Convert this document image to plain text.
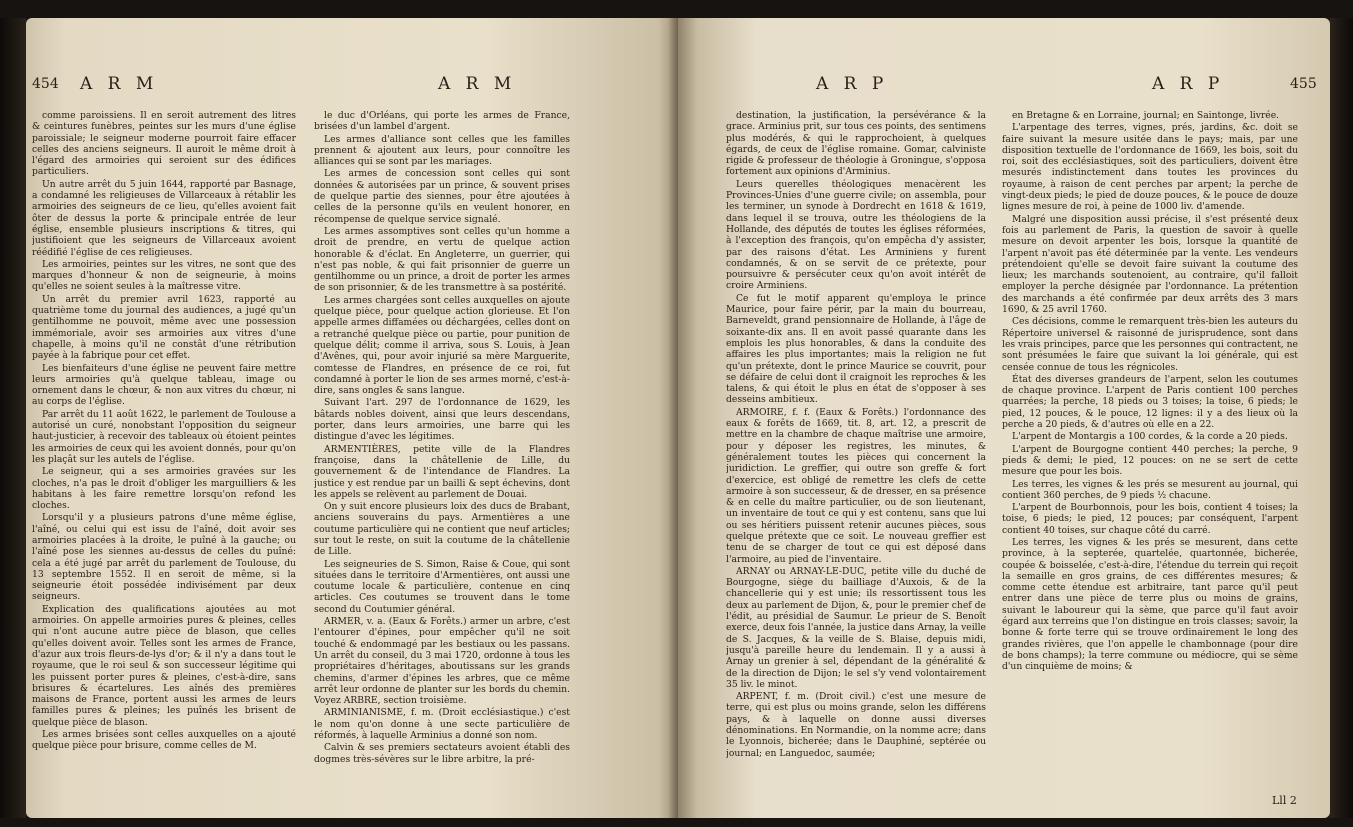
454 A R M	A R M

comme paroissiens. Il en seroit autrement des litres & ceintures funèbres, peintes sur les murs d'une église paroissiale; le seigneur moderne pourroit faire effacer celles des anciens seigneurs. Il auroit le même droit à l'égard des armoiries qui seroient sur des édifices particuliers.

Un autre arrêt du 5 juin 1644, rapporté par Basnage, a condamné les religieuses de Villarceaux à rétablir les armoiries des seigneurs de ce lieu, qu'elles avoient fait ôter de dessus la porte & principale entrée de leur église, ensemble plusieurs inscriptions & titres, qui justifioient que les seigneurs de Villarceaux avoient réédifié l'église de ces religieuses.

Les armoiries, peintes sur les vitres, ne sont que des marques d'honneur & non de seigneurie, à moins qu'elles ne soient seules à la maîtresse vitre.

Un arrêt du premier avril 1623, rapporté au quatrième tome du journal des audiences, a jugé qu'un gentilhomme ne pouvoit, même avec une possession immémoriale, avoir ses armoiries aux vitres d'une chapelle, à moins qu'il ne constât d'une rétribution payée à la fabrique pour cet effet.

Les bienfaiteurs d'une église ne peuvent faire mettre leurs armoiries qu'à quelque tableau, image ou ornement dans le chœur, & non aux vitres du chœur, ni au corps de l'église.

Par arrêt du 11 août 1622, le parlement de Toulouse a autorisé un curé, nonobstant l'opposition du seigneur haut-justicier, à recevoir des tableaux où étoient peintes les armoiries de ceux qui les avoient donnés, pour qu'on les plaçât sur les autels de l'église.

Le seigneur, qui a ses armoiries gravées sur les cloches, n'a pas le droit d'obliger les marguilliers & les habitans à les faire remettre lorsqu'on refond les cloches.

Lorsqu'il y a plusieurs patrons d'une même église, l'aîné, ou celui qui est issu de l'aîné, doit avoir ses armoiries placées à la droite, le puîné à la gauche; ou l'aîné pose les siennes au-dessus de celles du puîné: cela a été jugé par arrêt du parlement de Toulouse, du 13 septembre 1552. Il en seroit de même, si la seigneurie étoit possédée indivisément par deux seigneurs.

Explication des qualifications ajoutées au mot armoiries. On appelle armoiries pures & pleines, celles qui n'ont aucune autre pièce de blason, que celles qu'elles doivent avoir. Telles sont les armes de France, d'azur aux trois fleurs-de-lys d'or; & il n'y a dans tout le royaume, que le roi seul & son successeur légitime qui les puissent porter pures & pleines, c'est-à-dire, sans brisures & écartelures. Les aînés des premières maisons de France, portent aussi les armes de leurs familles pures & pleines; les puînés les brisent de quelque pièce de blason.

Les armes brisées sont celles auxquelles on a ajouté quelque pièce pour brisure, comme celles de M.

le duc d'Orléans, qui porte les armes de France, brisées d'un lambel d'argent.

Les armes d'alliance sont celles que les familles prennent & ajoutent aux leurs, pour connoître les alliances qui se sont par les mariages.

Les armes de concession sont celles qui sont données & autorisées par un prince, & souvent prises de quelque partie des siennes, pour être ajoutées à celles de la personne qu'ils en veulent honorer, en récompense de quelque service signalé.

Les armes assomptives sont celles qu'un homme a droit de prendre, en vertu de quelque action honorable & d'éclat. En Angleterre, un guerrier, qui n'est pas noble, & qui fait prisonnier de guerre un gentilhomme ou un prince, a droit de porter les armes de son prisonnier, & de les transmettre à sa postérité.

Les armes chargées sont celles auxquelles on ajoute quelque pièce, pour quelque action glorieuse. Et l'on appelle armes diffamées ou déchargées, celles dont on a retranché quelque pièce ou partie, pour punition de quelque délit; comme il arriva, sous S. Louis, à Jean d'Avênes, qui, pour avoir injurié sa mère Marguerite, comtesse de Flandres, en présence de ce roi, fut condamné à porter le lion de ses armes morné, c'est-à-dire, sans ongles & sans langue.

Suivant l'art. 297 de l'ordonnance de 1629, les bâtards nobles doivent, ainsi que leurs descendans, porter, dans leurs armoiries, une barre qui les distingue d'avec les légitimes.

ARMENTIÈRES, petite ville de la Flandres françoise, dans la châtellenie de Lille, du gouvernement & de l'intendance de Flandres. La justice y est rendue par un bailli & sept échevins, dont les appels se relèvent au parlement de Douai.

On y suit encore plusieurs loix des ducs de Brabant, anciens souverains du pays. Armentières a une coutume particulière qui ne contient que neuf articles; sur tout le reste, on suit la coutume de la châtellenie de Lille.

Les seigneuries de S. Simon, Raise & Coue, qui sont situées dans le territoire d'Armentières, ont aussi une coutume locale & particulière, contenue en cinq articles. Ces coutumes se trouvent dans le tome second du Coutumier général.

ARMER, v. a. (Eaux & Forêts.) armer un arbre, c'est l'entourer d'épines, pour empêcher qu'il ne soit touché & endommagé par les bestiaux ou les passans. Un arrêt du conseil, du 3 mai 1720, ordonne à tous les propriétaires d'héritages, aboutissans sur les grands chemins, d'armer d'épines les arbres, que ce même arrêt leur ordonne de planter sur les bords du chemin. Voyez ARBRE, section troisième.

ARMINIANISME, f. m. (Droit ecclésiastique.) c'est le nom qu'on donne à une secte particulière de réformés, à laquelle Arminius a donné son nom.

Calvin & ses premiers sectateurs avoient établi des dogmes très-sévères sur le libre arbitre, la pré-

A R P	A R P	455

destination, la justification, la persévérance & la grace. Arminius prit, sur tous ces points, des sentimens plus modérés, & qui le rapprochoient, à quelques égards, de ceux de l'église romaine. Gomar, calviniste rigide & professeur de théologie à Groningue, s'opposa fortement aux opinions d'Arminius.

Leurs querelles théologiques menacèrent les Provinces-Unies d'une guerre civile; on assembla, pour les terminer, un synode à Dordrecht en 1618 & 1619, dans lequel il se trouva, outre les théologiens de la Hollande, des députés de toutes les églises réformées, à l'exception des françois, qu'on empêcha d'y assister, par des raisons d'état. Les Arminiens y furent condamnés, & on se servit de ce prétexte, pour poursuivre & persécuter ceux qu'on avoit intérêt de croire Arminiens.

Ce fut le motif apparent qu'employa le prince Maurice, pour faire périr, par la main du bourreau, Barneveldt, grand pensionnaire de Hollande, à l'âge de soixante-dix ans. Il en avoit passé quarante dans les emplois les plus honorables, & dans la conduite des affaires les plus importantes; mais la religion ne fut qu'un prétexte, dont le prince Maurice se couvrit, pour se défaire de celui dont il craignoit les reproches & les talens, & qui étoit le plus en état de s'opposer à ses desseins ambitieux.

ARMOIRE, f. f. (Eaux & Forêts.) l'ordonnance des eaux & forêts de 1669, tit. 8, art. 12, a prescrit de mettre en la chambre de chaque maîtrise une armoire, pour y déposer les registres, les minutes, & généralement toutes les pièces qui concernent la juridiction. Le greffier, qui outre son greffe & fort d'exercice, est obligé de remettre les clefs de cette armoire à son successeur, & de dresser, en sa présence & en celle du maître particulier, ou de son lieutenant, un inventaire de tout ce qui y est contenu, sans que lui ou ses héritiers puissent retenir aucunes pièces, sous quelque prétexte que ce soit. Le nouveau greffier est tenu de se charger de tout ce qui est déposé dans l'armoire, au pied de l'inventaire.

ARNAY ou ARNAY-LE-DUC, petite ville du duché de Bourgogne, siège du bailliage d'Auxois, & de la chancellerie qui y est unie; ils ressortissent tous les deux au parlement de Dijon, &, pour le premier chef de l'édit, au présidial de Saumur. Le prieur de S. Benoît exerce, deux fois l'année, la justice dans Arnay, la veille de S. Jacques, & la veille de S. Blaise, depuis midi, jusqu'à pareille heure du lendemain. Il y a aussi à Arnay un grenier à sel, dépendant de la généralité & de la direction de Dijon; le sel s'y vend volontairement 35 liv. le minot.

ARPENT, f. m. (Droit civil.) c'est une mesure de terre, qui est plus ou moins grande, selon les différens pays, & à laquelle on donne aussi diverses dénominations. En Normandie, on la nomme acre; dans le Lyonnois, bicherée; dans le Dauphiné, septérée ou journal; en Languedoc, saumée;

en Bretagne & en Lorraine, journal; en Saintonge, livrée.

L'arpentage des terres, vignes, prés, jardins, &c. doit se faire suivant la mesure usitée dans le pays; mais, par une disposition textuelle de l'ordonnance de 1669, les bois, soit du roi, soit des ecclésiastiques, soit des particuliers, doivent être mesurés indistinctement dans toutes les provinces du royaume, à raison de cent perches par arpent; la perche de vingt-deux pieds; le pied de douze pouces, & le pouce de douze lignes mesure de roi, à peine de 1000 liv. d'amende.

Malgré une disposition aussi précise, il s'est présenté deux fois au parlement de Paris, la question de savoir à quelle mesure on devoit arpenter les bois, lorsque la quantité de l'arpent n'avoit pas été déterminée par la vente. Les vendeurs prétendoient qu'elle se devoit faire suivant la coutume des lieux; les marchands soutenoient, au contraire, qu'il falloit employer la perche désignée par l'ordonnance. La prétention des marchands a été confirmée par deux arrêts des 3 mars 1690, & 25 avril 1760.

Ces décisions, comme le remarquent très-bien les auteurs du Répertoire universel & raisonné de jurisprudence, sont dans les vrais principes, parce que les personnes qui contractent, ne sont présumées le faire que suivant la loi générale, qui est censée connue de tous les régnicoles.

État des diverses grandeurs de l'arpent, selon les coutumes de chaque province. L'arpent de Paris contient 100 perches quarrées; la perche, 18 pieds ou 3 toises; la toise, 6 pieds; le pied, 12 pouces, & le pouce, 12 lignes: il y a des lieux où la perche a 20 pieds, & d'autres où elle en a 22.

L'arpent de Montargis a 100 cordes, & la corde a 20 pieds.

L'arpent de Bourgogne contient 440 perches; la perche, 9 pieds & demi; le pied, 12 pouces: on ne se sert de cette mesure que pour les bois.

Les terres, les vignes & les prés se mesurent au journal, qui contient 360 perches, de 9 pieds ½ chacune.

L'arpent de Bourbonnois, pour les bois, contient 4 toises; la toise, 6 pieds; le pied, 12 pouces; par conséquent, l'arpent contient 40 toises, sur chaque côté du carré.

Les terres, les vignes & les prés se mesurent, dans cette province, à la septerée, quartelée, quartonnée, bicherée, coupée & boisselée, c'est-à-dire, l'étendue du terrein qui reçoit la semaille en gros grains, de ces différentes mesures; & comme cette étendue est arbitraire, tant parce qu'il peut entrer dans une pièce de terre plus ou moins de grains, suivant le laboureur qui la sème, que parce qu'il faut avoir égard aux terreins que l'on distingue en trois classes; savoir, la bonne & forte terre qui se trouve ordinairement le long des grandes rivières, que l'on appelle le chambonnage (pour dire de bons champs); la terre commune ou médiocre, qui se sème d'un cinquième de moins; &

Lll 2
